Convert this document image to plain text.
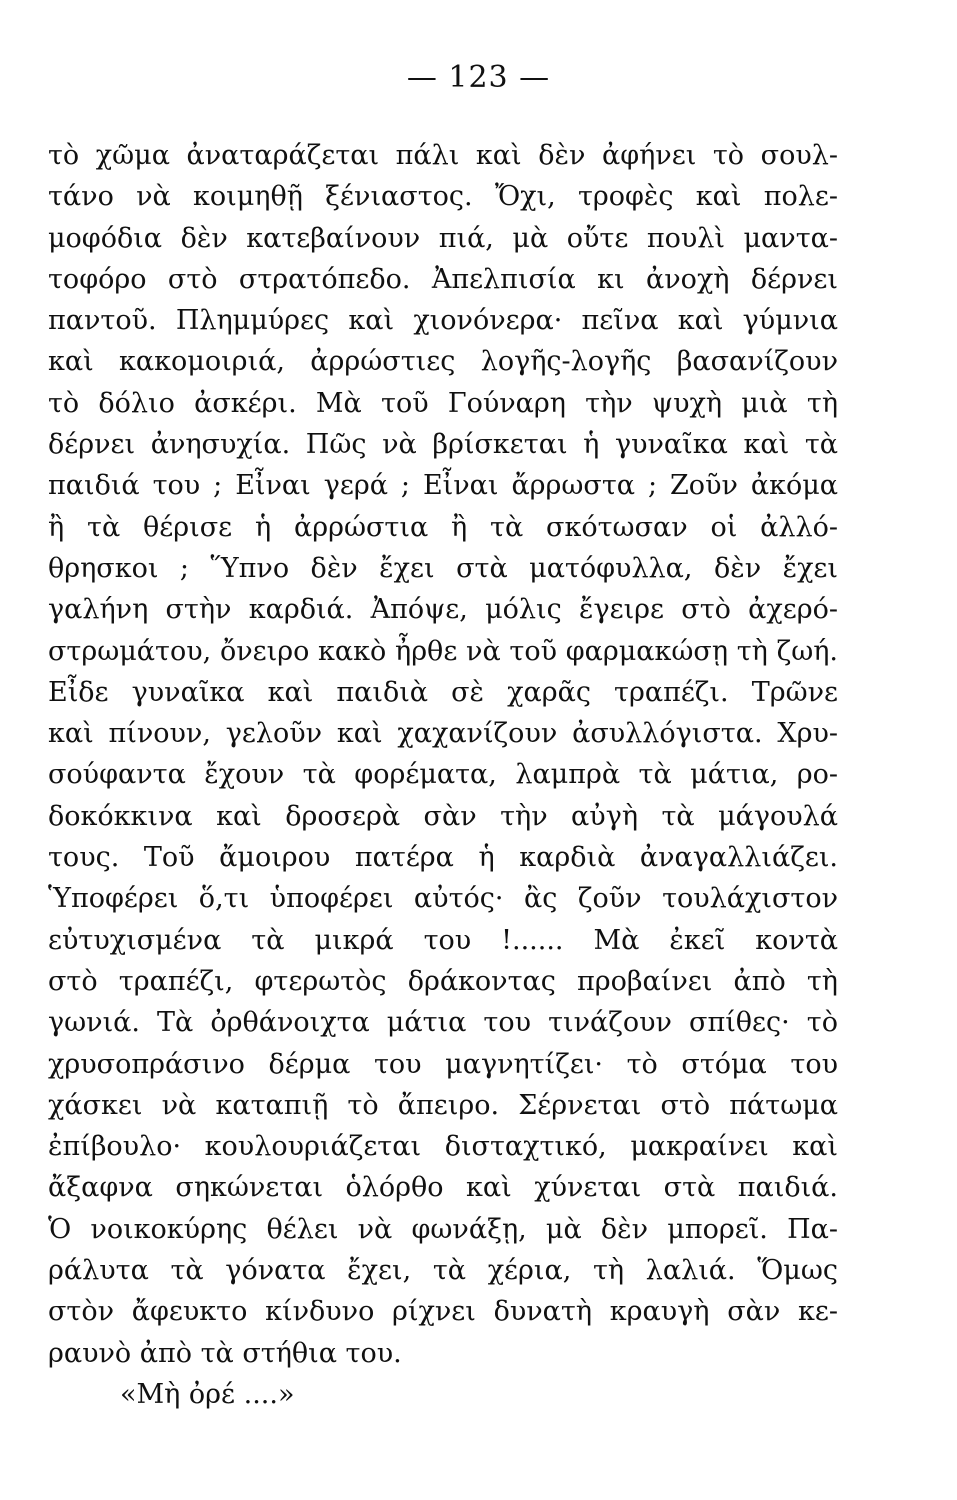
— 123 —
τὸ χῶμα ἀναταράζεται πάλι καὶ δὲν ἀφήνει τὸ σουλ-
τάνο νὰ κοιμηθῇ ξένιαστος. Ὄχι, τροφὲς καὶ πολε-
μοφόδια δὲν κατεβαίνουν πιά, μὰ οὔτε πουλὶ μαντα-
τοφόρο στὸ στρατόπεδο. Ἀπελπισία κι ἀνοχὴ δέρνει
παντοῦ. Πλημμύρες καὶ χιονόνερα· πεῖνα καὶ γύμνια
καὶ κακομοιριά, ἀρρώστιες λογῆς-λογῆς βασανίζουν
τὸ δόλιο ἀσκέρι. Μὰ τοῦ Γούναρη τὴν ψυχὴ μιὰ τὴ
δέρνει ἀνησυχία. Πῶς νὰ βρίσκεται ἡ γυναῖκα καὶ τὰ
παιδιά του ; Εἶναι γερά ; Εἶναι ἄρρωστα ; Ζοῦν ἀκόμα
ἢ τὰ θέρισε ἡ ἀρρώστια ἢ τὰ σκότωσαν οἱ ἀλλό-
θρησκοι ; Ὕπνο δὲν ἔχει στὰ ματόφυλλα, δὲν ἔχει
γαλήνη στὴν καρδιά. Ἀπόψε, μόλις ἔγειρε στὸ ἀχερό-
στρωμάτου, ὄνειρο κακὸ ἦρθε νὰ τοῦ φαρμακώσῃ τὴ ζωή.
Εἶδε γυναῖκα καὶ παιδιὰ σὲ χαρᾶς τραπέζι. Τρῶνε
καὶ πίνουν, γελοῦν καὶ χαχανίζουν ἀσυλλόγιστα. Χρυ-
σούφαντα ἔχουν τὰ φορέματα, λαμπρὰ τὰ μάτια, ρο-
δοκόκκινα καὶ δροσερὰ σὰν τὴν αὐγὴ τὰ μάγουλά
τους. Τοῦ ἄμοιρου πατέρα ἡ καρδιὰ ἀναγαλλιάζει.
Ὑποφέρει ὅ,τι ὑποφέρει αὐτός· ἂς ζοῦν τουλάχιστον
εὐτυχισμένα τὰ μικρά του !...... Μὰ ἐκεῖ κοντὰ
στὸ τραπέζι, φτερωτὸς δράκοντας προβαίνει ἀπὸ τὴ
γωνιά. Τὰ ὀρθάνοιχτα μάτια του τινάζουν σπίθες· τὸ
χρυσοπράσινο δέρμα του μαγνητίζει· τὸ στόμα του
χάσκει νὰ καταπιῇ τὸ ἄπειρο. Σέρνεται στὸ πάτωμα
ἐπίβουλο· κουλουριάζεται δισταχτικό, μακραίνει καὶ
ἄξαφνα σηκώνεται ὁλόρθο καὶ χύνεται στὰ παιδιά.
Ὁ νοικοκύρης θέλει νὰ φωνάξῃ, μὰ δὲν μπορεῖ. Πα-
ράλυτα τὰ γόνατα ἔχει, τὰ χέρια, τὴ λαλιά. Ὅμως
στὸν ἄφευκτο κίνδυνο ρίχνει δυνατὴ κραυγὴ σὰν κε-
ραυνὸ ἀπὸ τὰ στήθια του.
«Μὴ ὀρέ ....»
